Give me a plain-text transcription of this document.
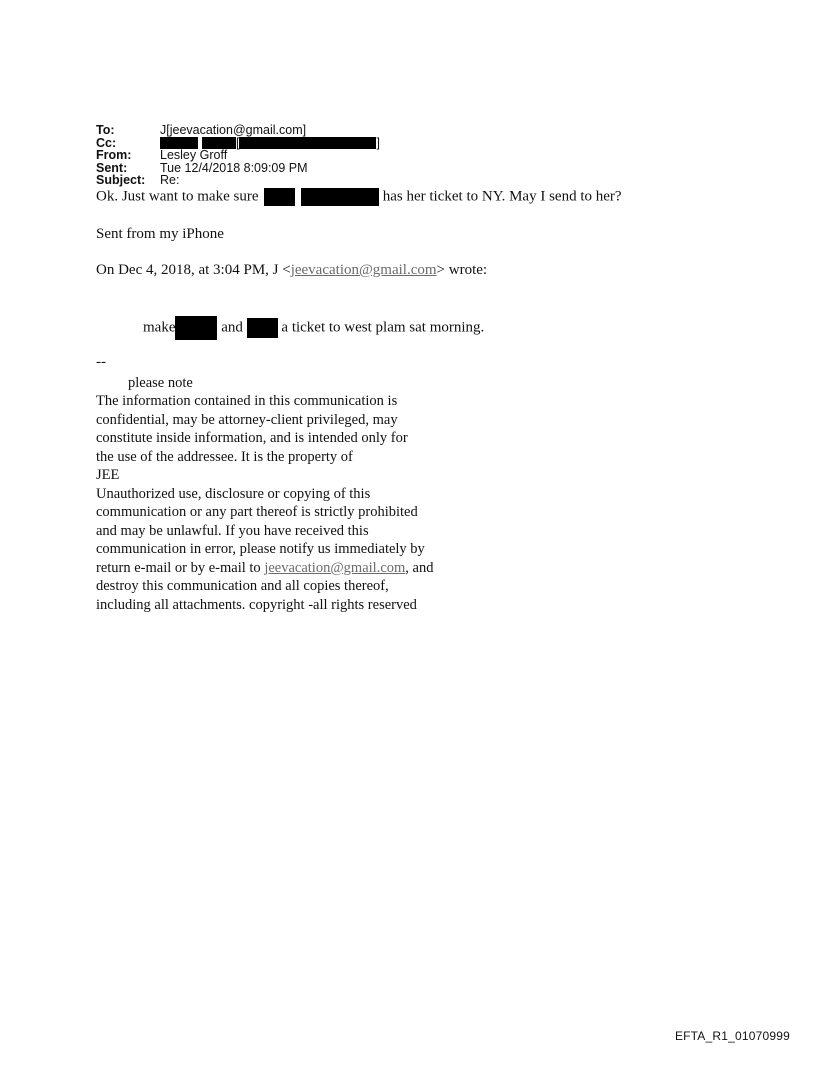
To:	J[jeevacation@gmail.com]
Cc:	[	]
From:	Lesley Groff
Sent:	Tue 12/4/2018 8:09:09 PM
Subject:	Re:
Ok. Just want to make sure	has her ticket to NY. May I send to her?
Sent from my iPhone
On Dec 4, 2018, at 3:04 PM, J <jeevacation@gmail.com> wrote:
make	and	a ticket to west plam sat morning.
--
please note
The information contained in this communication is
confidential, may be attorney-client privileged, may
constitute inside information, and is intended only for
the use of the addressee. It is the property of
JEE
Unauthorized use, disclosure or copying of this
communication or any part thereof is strictly prohibited
and may be unlawful. If you have received this
communication in error, please notify us immediately by
return e-mail or by e-mail to jeevacation@gmail.com, and
destroy this communication and all copies thereof,
including all attachments. copyright -all rights reserved
EFTA_R1_01070999
